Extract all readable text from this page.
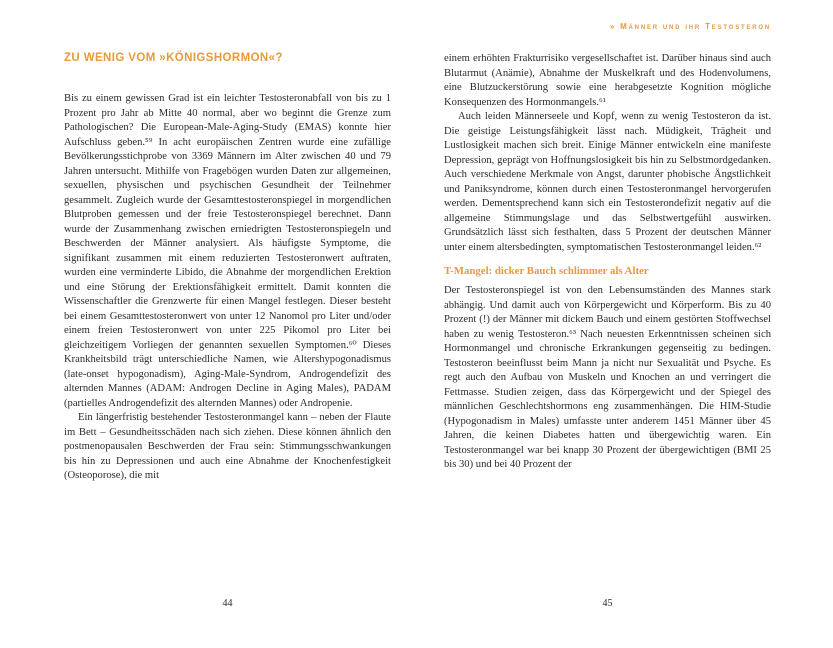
» Männer und ihr Testosteron
ZU WENIG VOM »KÖNIGSHORMON«?

Bis zu einem gewissen Grad ist ein leichter Testosteronabfall von bis zu 1 Prozent pro Jahr ab Mitte 40 normal, aber wo beginnt die Grenze zum Pathologischen? Die European-Male-Aging-Study (EMAS) konnte hier Aufschluss geben.⁵⁹ In acht europäischen Zentren wurde eine zufällige Bevölkerungsstichprobe von 3369 Männern im Alter zwischen 40 und 79 Jahren untersucht. Mithilfe von Fragebögen wurden Daten zur allgemeinen, sexuellen, physischen und psychischen Gesundheit der Teilnehmer gesammelt. Zugleich wurde der Gesamttestosteronspiegel in morgendlichen Blutproben gemessen und der freie Testosteronspiegel berechnet. Dann wurde der Zusammenhang zwischen erniedrigten Testosteronspiegeln und Beschwerden der Männer analysiert. Als häufigste Symptome, die signifikant zusammen mit einem reduzierten Testosteronwert auftraten, wurden eine verminderte Libido, die Abnahme der morgendlichen Erektion und eine Störung der Erektionsfähigkeit ermittelt. Damit konnten die Wissenschaftler die Grenzwerte für einen Mangel festlegen. Dieser besteht bei einem Gesamttestosteronwert von unter 12 Nanomol pro Liter und/oder einem freien Testosteronwert von unter 225 Pikomol pro Liter bei gleichzeitigem Vorliegen der genannten sexuellen Symptomen.⁶⁰ Dieses Krankheitsbild trägt unterschiedliche Namen, wie Altershypogonadismus (late-onset hypogonadism), Aging-Male-Syndrom, Androgendefizit des alternden Mannes (ADAM: Androgen Decline in Aging Males), PADAM (partielles Androgendefizit des alternden Mannes) oder Andropenie.

Ein längerfristig bestehender Testosteronmangel kann – neben der Flaute im Bett – Gesundheitsschäden nach sich ziehen. Diese können ähnlich den postmenopausalen Beschwerden der Frau sein: Stimmungsschwankungen bis hin zu Depressionen und auch eine Abnahme der Knochenfestigkeit (Osteoporose), die mit

44

einem erhöhten Frakturrisiko vergesellschaftet ist. Darüber hinaus sind auch Blutarmut (Anämie), Abnahme der Muskelkraft und des Hodenvolumens, eine Blutzuckerstörung sowie eine herabgesetzte Kognition mögliche Konsequenzen des Hormonmangels.⁶¹

Auch leiden Männerseele und Kopf, wenn zu wenig Testosteron da ist. Die geistige Leistungsfähigkeit lässt nach. Müdigkeit, Trägheit und Lustlosigkeit machen sich breit. Einige Männer entwickeln eine manifeste Depression, geprägt von Hoffnungslosigkeit bis hin zu Selbstmordgedanken. Auch verschiedene Merkmale von Angst, darunter phobische Ängstlichkeit und Paniksyndrome, können durch einen Testosteronmangel hervorgerufen werden. Dementsprechend kann sich ein Testosterondefizit negativ auf die allgemeine Stimmungslage und das Selbstwertgefühl auswirken. Grundsätzlich lässt sich festhalten, dass 5 Prozent der deutschen Männer unter einem altersbedingten, symptomatischen Testosteronmangel leiden.⁶²

T-Mangel: dicker Bauch schlimmer als Alter

Der Testosteronspiegel ist von den Lebensumständen des Mannes stark abhängig. Und damit auch von Körpergewicht und Körperform. Bis zu 40 Prozent (!) der Männer mit dickem Bauch und einem gestörten Stoffwechsel haben zu wenig Testosteron.⁶³ Nach neuesten Erkenntnissen scheinen sich Hormonmangel und chronische Erkrankungen gegenseitig zu bedingen. Testosteron beeinflusst beim Mann ja nicht nur Sexualität und Psyche. Es regt auch den Aufbau von Muskeln und Knochen an und verringert die Fettmasse. Studien zeigen, dass das Körpergewicht und der Spiegel des männlichen Geschlechtshormons eng zusammenhängen. Die HIM-Studie (Hypogonadism in Males) umfasste unter anderem 1451 Männer über 45 Jahren, die keinen Diabetes hatten und übergewichtig waren. Ein Testosteronmangel war bei knapp 30 Prozent der übergewichtigen (BMI 25 bis 30) und bei 40 Prozent der

45
